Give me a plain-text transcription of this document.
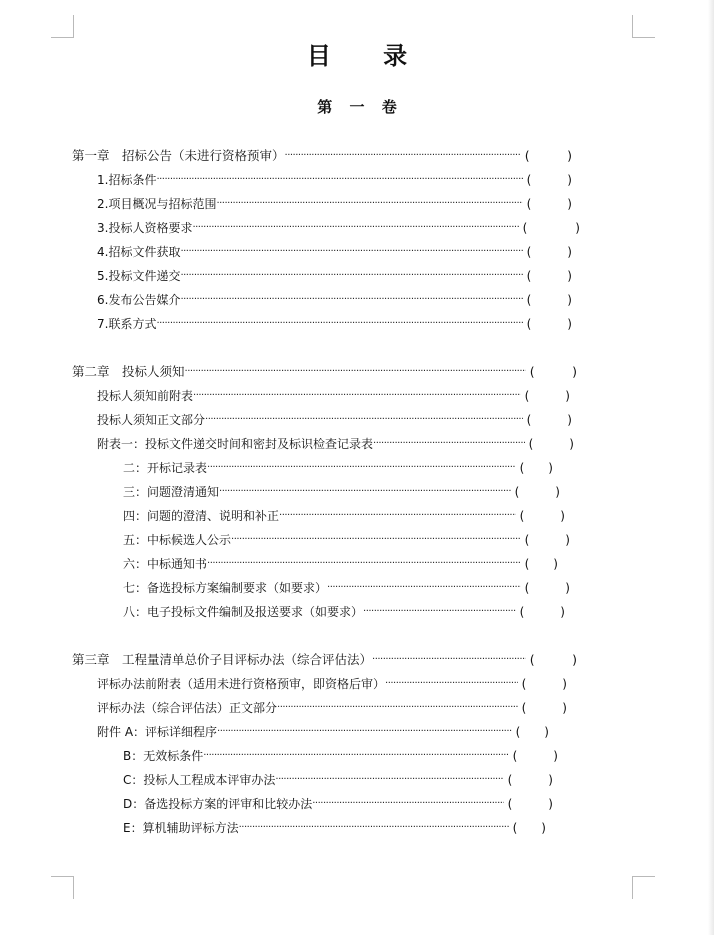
目 录
第 一 卷
第一章　招标公告（未进行资格预审） ·····	(　　　)
1.招标条件 ·····	(　　　)
2.项目概况与招标范围 ·····	(　　　)
3.投标人资格要求 ·····	(　　　　)
4.招标文件获取 ·····	(　　　)
5.投标文件递交 ·····	(　　　)
6.发布公告媒介 ·····	(　　　)
7.联系方式 ·····	(　　　)
第二章　投标人须知 ·····	(　　　)
投标人须知前附表 ·····	(　　　)
投标人须知正文部分 ·····	(　　　)
附表一：投标文件递交时间和密封及标识检查记录表 ·····	(　　　)
二：开标记录表 ·····	(　　)
三：问题澄清通知 ·····	(　　　)
四：问题的澄清、说明和补正 ·····	(　　　)
五：中标候选人公示 ·····	(　　　)
六：中标通知书 ·····	(　　)
七：备选投标方案编制要求（如要求） ·····	(　　　)
八：电子投标文件编制及报送要求（如要求） ·····	(　　　)
第三章　工程量清单总价子目评标办法（综合评估法） ·····	(　　　)
评标办法前附表（适用未进行资格预审，即资格后审） ·····	(　　　)
评标办法（综合评估法）正文部分 ·····	(　　　)
附件 A：评标详细程序 ·····	(　　)
B：无效标条件 ·····	(　　　)
C：投标人工程成本评审办法 ·····	(　　　)
D：备选投标方案的评审和比较办法 ·····	(　　　)
E：算机辅助评标方法 ·····	(　　)
